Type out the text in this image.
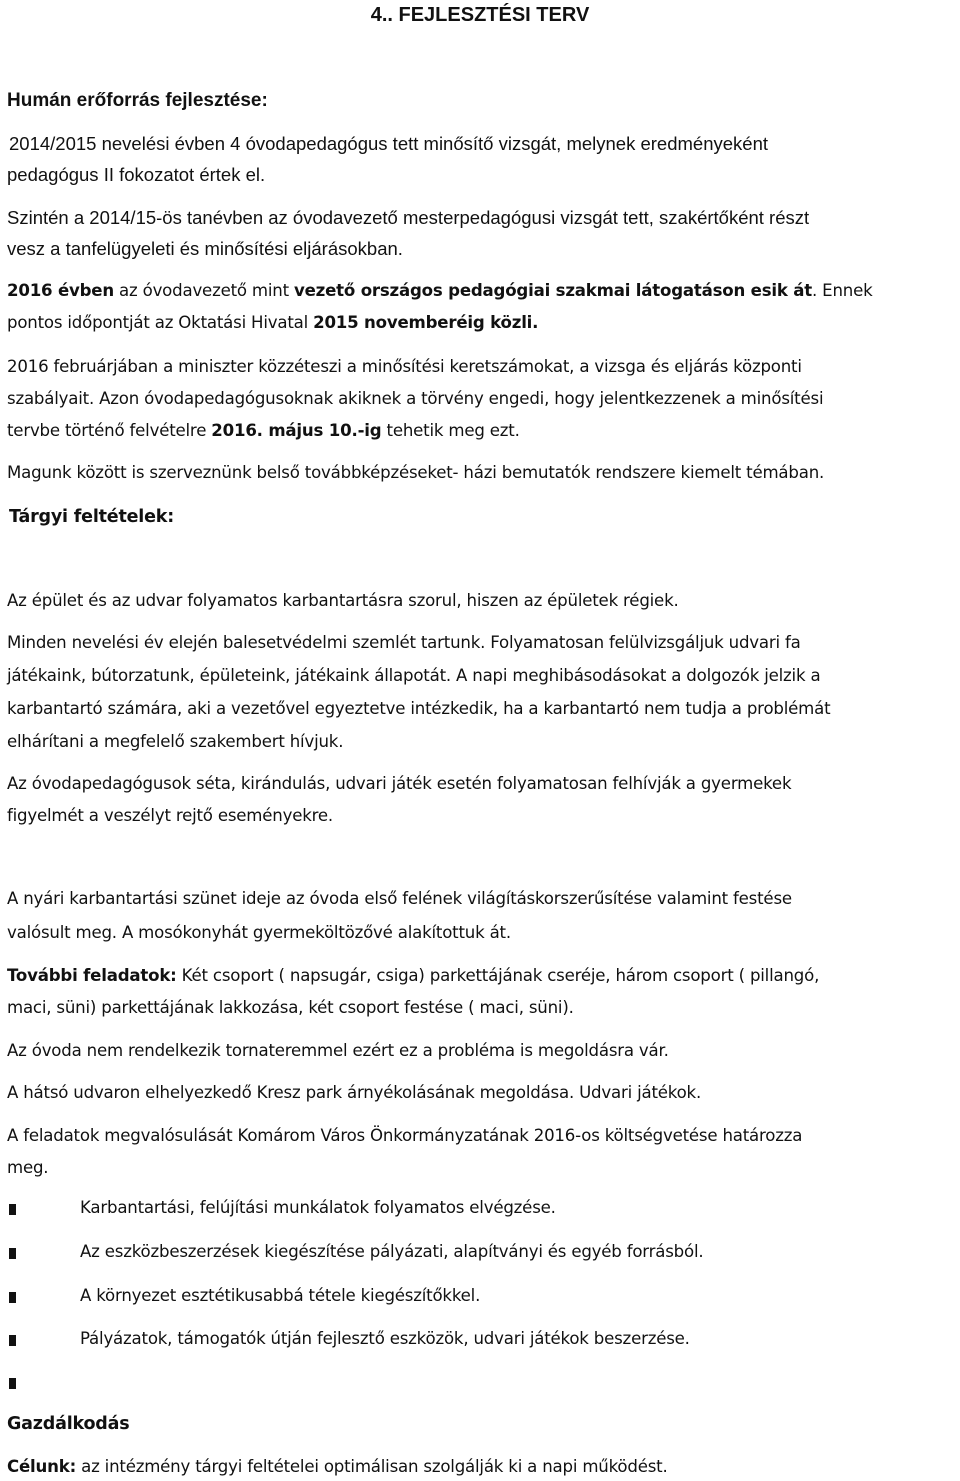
4.. FEJLESZTÉSI TERV
Humán erőforrás fejlesztése:
2014/2015 nevelési évben 4 óvodapedagógus tett minősítő vizsgát, melynek eredményeként
pedagógus II fokozatot értek el.
Szintén a 2014/15-ös tanévben az óvodavezető mesterpedagógusi vizsgát tett, szakértőként részt
vesz a tanfelügyeleti és minősítési eljárásokban.
2016 évben az óvodavezető mint vezető országos pedagógiai szakmai látogatáson esik át. Ennek
pontos időpontját az Oktatási Hivatal 2015 novemberéig közli.
2016 februárjában a miniszter közzéteszi a minősítési keretszámokat, a vizsga és eljárás központi
szabályait. Azon óvodapedagógusoknak akiknek a törvény engedi, hogy jelentkezzenek a minősítési
tervbe történő felvételre 2016. május 10.-ig tehetik meg ezt.
Magunk között is szerveznünk belső továbbképzéseket- házi bemutatók rendszere kiemelt témában.
Tárgyi feltételek:
Az épület és az udvar folyamatos karbantartásra szorul, hiszen az épületek régiek.
Minden nevelési év elején balesetvédelmi szemlét tartunk. Folyamatosan felülvizsgáljuk udvari fa
játékaink, bútorzatunk, épületeink, játékaink állapotát. A napi meghibásodásokat a dolgozók jelzik a
karbantartó számára, aki a vezetővel egyeztetve intézkedik, ha a karbantartó nem tudja a problémát
elhárítani a megfelelő szakembert hívjuk.
Az óvodapedagógusok séta, kirándulás, udvari játék esetén folyamatosan felhívják a gyermekek
figyelmét a veszélyt rejtő eseményekre.
A nyári karbantartási szünet ideje az óvoda első felének világításkorszerűsítése valamint festése
valósult meg. A mosókonyhát gyermeköltözővé alakítottuk át.
További feladatok: Két csoport ( napsugár, csiga) parkettájának cseréje, három csoport ( pillangó,
maci, süni) parkettájának lakkozása, két csoport festése ( maci, süni).
Az óvoda nem rendelkezik tornateremmel ezért ez a probléma is megoldásra vár.
A hátsó udvaron elhelyezkedő Kresz park árnyékolásának megoldása. Udvari játékok.
A feladatok megvalósulását Komárom Város Önkormányzatának 2016-os költségvetése határozza
meg.
Karbantartási, felújítási munkálatok folyamatos elvégzése.
Az eszközbeszerzések kiegészítése pályázati, alapítványi és egyéb forrásból.
A környezet esztétikusabbá tétele kiegészítőkkel.
Pályázatok, támogatók útján fejlesztő eszközök, udvari játékok beszerzése.
Gazdálkodás
Célunk: az intézmény tárgyi feltételei optimálisan szolgálják ki a napi működést.
